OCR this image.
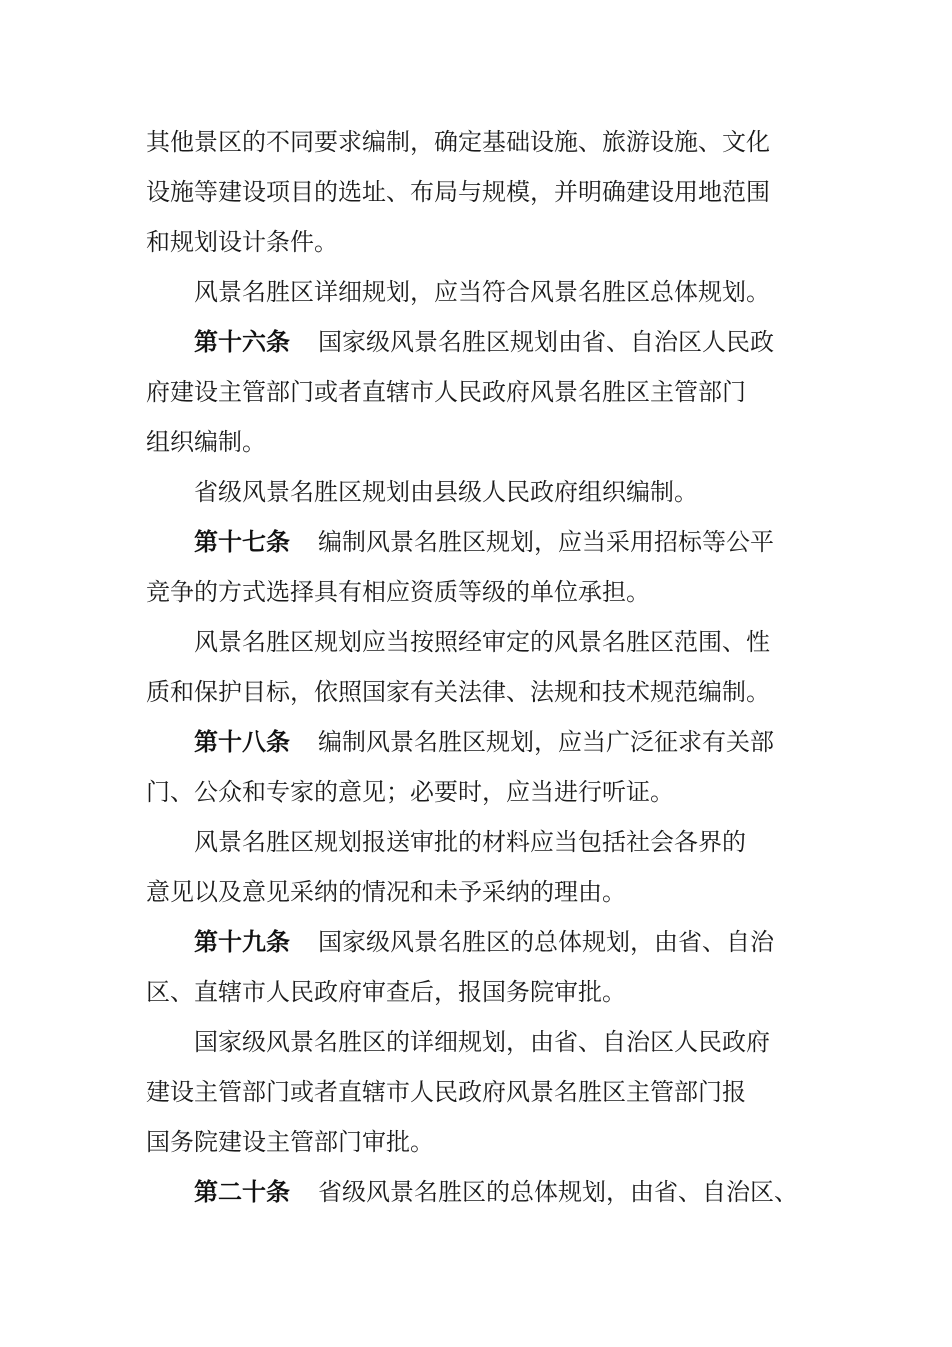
其他景区的不同要求编制，确定基础设施、旅游设施、文化
设施等建设项目的选址、布局与规模，并明确建设用地范围
和规划设计条件。
风景名胜区详细规划，应当符合风景名胜区总体规划。
第十六条 国家级风景名胜区规划由省、自治区人民政
府建设主管部门或者直辖市人民政府风景名胜区主管部门
组织编制。
省级风景名胜区规划由县级人民政府组织编制。
第十七条 编制风景名胜区规划，应当采用招标等公平
竞争的方式选择具有相应资质等级的单位承担。
风景名胜区规划应当按照经审定的风景名胜区范围、性
质和保护目标，依照国家有关法律、法规和技术规范编制。
第十八条 编制风景名胜区规划，应当广泛征求有关部
门、公众和专家的意见；必要时，应当进行听证。
风景名胜区规划报送审批的材料应当包括社会各界的
意见以及意见采纳的情况和未予采纳的理由。
第十九条 国家级风景名胜区的总体规划，由省、自治
区、直辖市人民政府审查后，报国务院审批。
国家级风景名胜区的详细规划，由省、自治区人民政府
建设主管部门或者直辖市人民政府风景名胜区主管部门报
国务院建设主管部门审批。
第二十条 省级风景名胜区的总体规划，由省、自治区、
